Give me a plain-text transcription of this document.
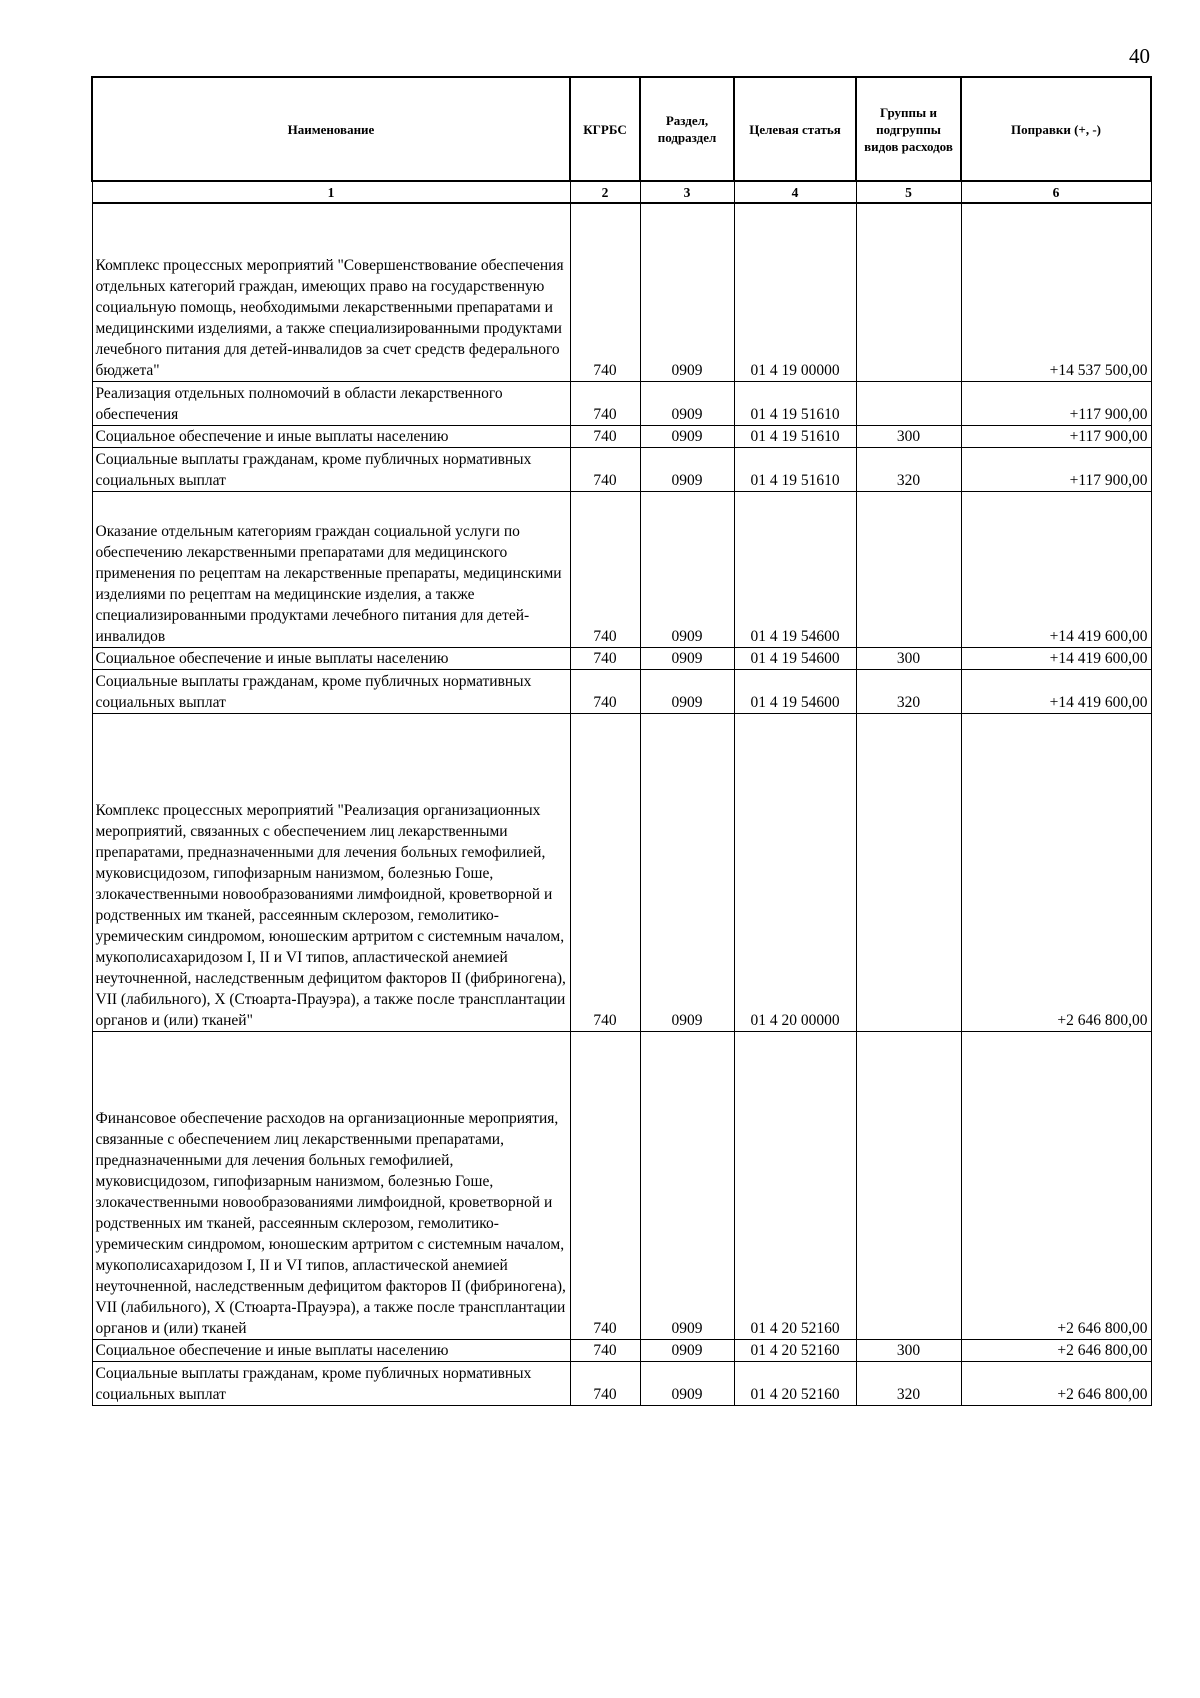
40
Наименование	КГРБС	Раздел, подраздел	Целевая статья	Группы и подгруппы видов расходов	Поправки (+, -)
1	2	3	4	5	6
Комплекс процессных мероприятий "Совершенствование обеспечения отдельных категорий граждан, имеющих право на государственную социальную помощь, необходимыми лекарственными препаратами и медицинскими изделиями, а также специализированными продуктами лечебного питания для детей-инвалидов за счет средств федерального бюджета"	740	0909	01 4 19 00000		+14 537 500,00
Реализация отдельных полномочий в области лекарственного обеспечения	740	0909	01 4 19 51610		+117 900,00
Социальное обеспечение и иные выплаты населению	740	0909	01 4 19 51610	300	+117 900,00
Социальные выплаты гражданам, кроме публичных нормативных социальных выплат	740	0909	01 4 19 51610	320	+117 900,00
Оказание отдельным категориям граждан социальной услуги по обеспечению лекарственными препаратами для медицинского применения по рецептам на лекарственные препараты, медицинскими изделиями по рецептам на медицинские изделия, а также специализированными продуктами лечебного питания для детей-инвалидов	740	0909	01 4 19 54600		+14 419 600,00
Социальное обеспечение и иные выплаты населению	740	0909	01 4 19 54600	300	+14 419 600,00
Социальные выплаты гражданам, кроме публичных нормативных социальных выплат	740	0909	01 4 19 54600	320	+14 419 600,00
Комплекс процессных мероприятий "Реализация организационных мероприятий, связанных с обеспечением лиц лекарственными препаратами, предназначенными для лечения больных гемофилией, муковисцидозом, гипофизарным нанизмом, болезнью Гоше, злокачественными новообразованиями лимфоидной, кроветворной и родственных им тканей, рассеянным склерозом, гемолитико-уремическим синдромом, юношеским артритом с системным началом, мукополисахаридозом I, II и VI типов, апластической анемией неуточненной, наследственным дефицитом факторов II (фибриногена), VII (лабильного), X (Стюарта-Прауэра), а также после трансплантации органов и (или) тканей"	740	0909	01 4 20 00000		+2 646 800,00
Финансовое обеспечение расходов на организационные мероприятия, связанные с обеспечением лиц лекарственными препаратами, предназначенными для лечения больных гемофилией, муковисцидозом, гипофизарным нанизмом, болезнью Гоше, злокачественными новообразованиями лимфоидной, кроветворной и родственных им тканей, рассеянным склерозом, гемолитико-уремическим синдромом, юношеским артритом с системным началом, мукополисахаридозом I, II и VI типов, апластической анемией неуточненной, наследственным дефицитом факторов II (фибриногена), VII (лабильного), X (Стюарта-Прауэра), а также после трансплантации органов и (или) тканей	740	0909	01 4 20 52160		+2 646 800,00
Социальное обеспечение и иные выплаты населению	740	0909	01 4 20 52160	300	+2 646 800,00
Социальные выплаты гражданам, кроме публичных нормативных социальных выплат	740	0909	01 4 20 52160	320	+2 646 800,00
